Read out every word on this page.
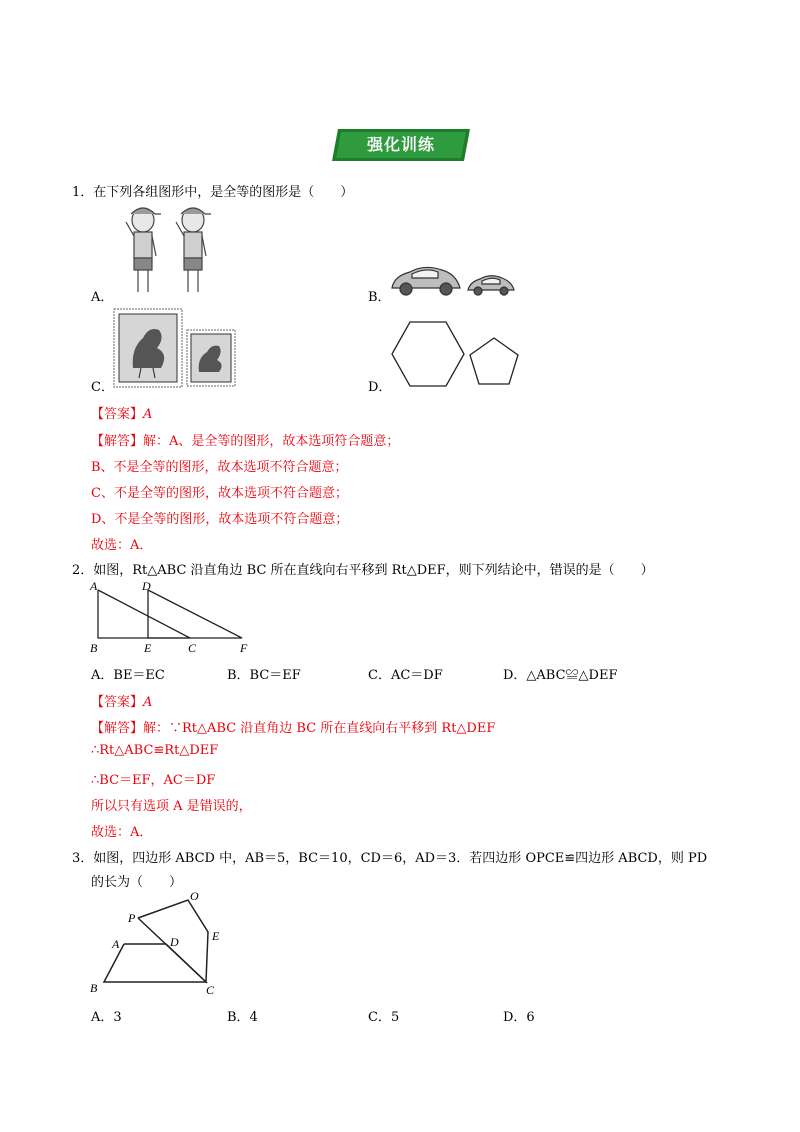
强化训练
1．在下列各组图形中，是全等的图形是（　　）
A．	B．
C．	D．
【答案】A
【解答】解：A、是全等的图形，故本选项符合题意；
B、不是全等的图形，故本选项不符合题意；
C、不是全等的图形，故本选项不符合题意；
D、不是全等的图形，故本选项不符合题意；
故选：A．
2．如图，Rt△ABC 沿直角边 BC 所在直线向右平移到 Rt△DEF，则下列结论中，错误的是（　　）
A	D
B	E	C	F
A．BE＝EC	B．BC＝EF	C．AC＝DF	D．△ABC≌△DEF
【答案】A
【解答】解：∵Rt△ABC 沿直角边 BC 所在直线向右平移到 Rt△DEF
∴Rt△ABC≌Rt△DEF
∴BC＝EF，AC＝DF
所以只有选项 A 是错误的，
故选：A．
3．如图，四边形 ABCD 中，AB＝5，BC＝10，CD＝6，AD＝3．若四边形 OPCE≌四边形 ABCD，则 PD
的长为（　　）
O
P
A	D	E
B	C
A．3	B．4	C．5	D．6
